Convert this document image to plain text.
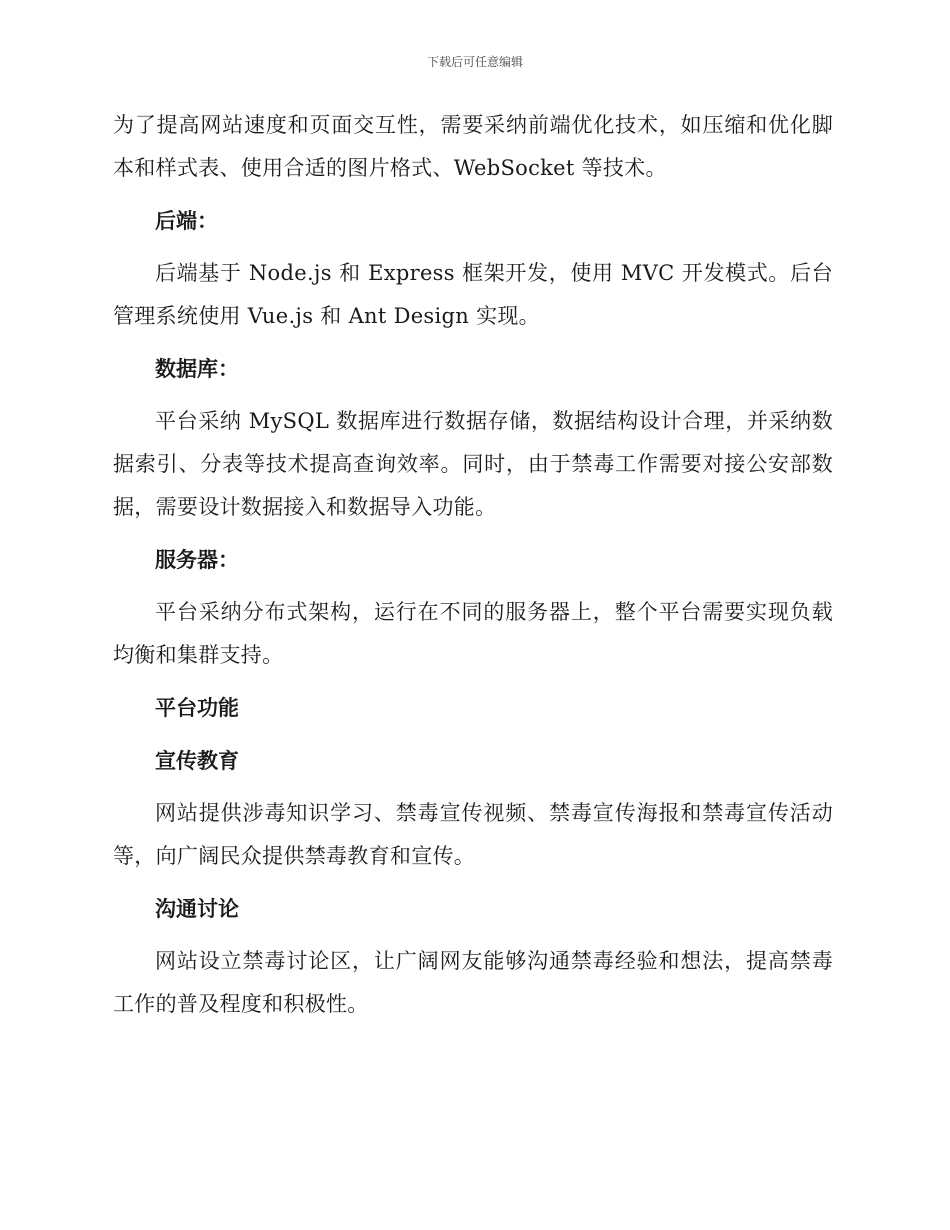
下载后可任意编辑

为了提高网站速度和页面交互性，需要采纳前端优化技术，如压缩和优化脚本和样式表、使用合适的图片格式、WebSocket 等技术。

后端：

后端基于 Node.js 和 Express 框架开发，使用 MVC 开发模式。后台管理系统使用 Vue.js 和 Ant Design 实现。

数据库：

平台采纳 MySQL 数据库进行数据存储，数据结构设计合理，并采纳数据索引、分表等技术提高查询效率。同时，由于禁毒工作需要对接公安部数据，需要设计数据接入和数据导入功能。

服务器：

平台采纳分布式架构，运行在不同的服务器上，整个平台需要实现负载均衡和集群支持。

平台功能
宣传教育

网站提供涉毒知识学习、禁毒宣传视频、禁毒宣传海报和禁毒宣传活动等，向广阔民众提供禁毒教育和宣传。

沟通讨论

网站设立禁毒讨论区，让广阔网友能够沟通禁毒经验和想法，提高禁毒工作的普及程度和积极性。
